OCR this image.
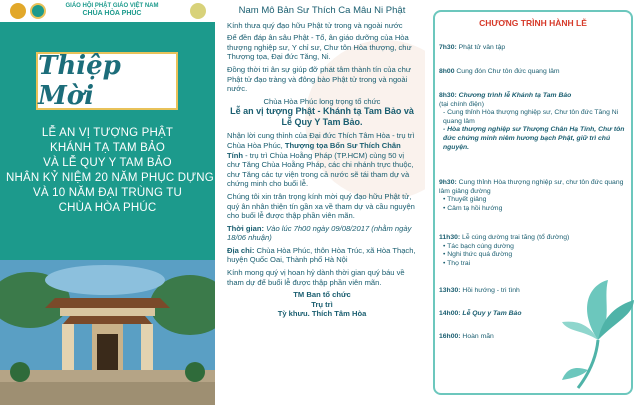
GIÁO HỘI PHẬT GIÁO VIỆT NAM
CHÙA HÒA PHÚC
Thiệp Mời
LỄ AN VỊ TƯỢNG PHẬT
KHÁNH TẠ TAM BẢO
VÀ LỄ QUY Y TAM BẢO
NHÂN KỶ NIỆM 20 NĂM PHỤC DỰNG
VÀ 10 NĂM ĐẠI TRÙNG TU
CHÙA HÒA PHÚC
Nam Mô Bản Sư Thích Ca Mâu Ni Phật

Kính thưa quý đạo hữu Phật tử trong và ngoài nước

Để đền đáp ân sâu Phật - Tổ, ân giáo dưỡng của Hòa thượng nghiệp sư, Y chỉ sư, Chư tôn Hòa thượng, chư Thượng tọa, Đại đức Tăng, Ni.

Đồng thời tri ân sự giúp đỡ phát tâm thành tín của chư Phật tử đạo tràng và đông bào Phật tử trong và ngoài nước.

Chùa Hòa Phúc long trọng tổ chức

Lễ an vị tượng Phật - Khánh tạ Tam Bảo và Lễ Quy Y Tam Bảo.

Nhận lời cung thỉnh của Đại đức Thích Tâm Hòa - trụ trì Chùa Hòa Phúc, Thượng tọa Bổn Sư Thích Chân Tính - trụ trì Chùa Hoằng Pháp (TP.HCM) cùng 50 vị chư Tăng Chùa Hoằng Pháp, các chi nhánh trực thuộc, chư Tăng các tự viện trong cả nước sẽ tái tham dự và chứng minh cho buổi lễ.

Chúng tôi xin trân trọng kính mời quý đạo hữu Phật tử, quý ân nhân thiện tín gần xa về tham dự và cầu nguyện cho buổi lễ được thập phần viên mãn.

Thời gian: Vào lúc 7h00 ngày 09/08/2017 (nhằm ngày 18/06 nhuận)

Địa chỉ: Chùa Hòa Phúc, thôn Hòa Trúc, xã Hòa Thạch, huyện Quốc Oai, Thành phố Hà Nội

Kính mong quý vị hoan hỷ dành thời gian quý báu về tham dự để buổi lễ được thập phần viên mãn.

TM Ban tổ chức
Trụ trì
Tỳ khưu. Thích Tâm Hòa
CHƯƠNG TRÌNH HÀNH LỄ
7h30: Phật tử vân tập
8h00 Cung đón Chư tôn đức quang lâm
8h30: Chương trình lễ Khánh tạ Tam Bảo
(tại chính điện)
- Cung thỉnh Hòa thượng nghiệp sư, Chư tôn đức Tăng Ni quang lâm
- Hòa thượng nghiệp sư Thượng Chân Hạ Tính, Chư tôn đức chứng minh niêm hương bạch Phật, giữ trì chú nguyện.
9h30: Cung thỉnh Hòa thượng nghiệp sư, chư tôn đức quang lâm giảng đường
• Thuyết giảng
• Cảm tạ hồi hướng
11h30: Lễ cúng dường trai tăng (tổ đường)
• Tác bạch cúng dường
• Nghi thức quá đường
• Thọ trai
13h30: Hồi hướng - tri tình
14h00: Lễ Quy y Tam Bảo
16h00: Hoàn mãn
